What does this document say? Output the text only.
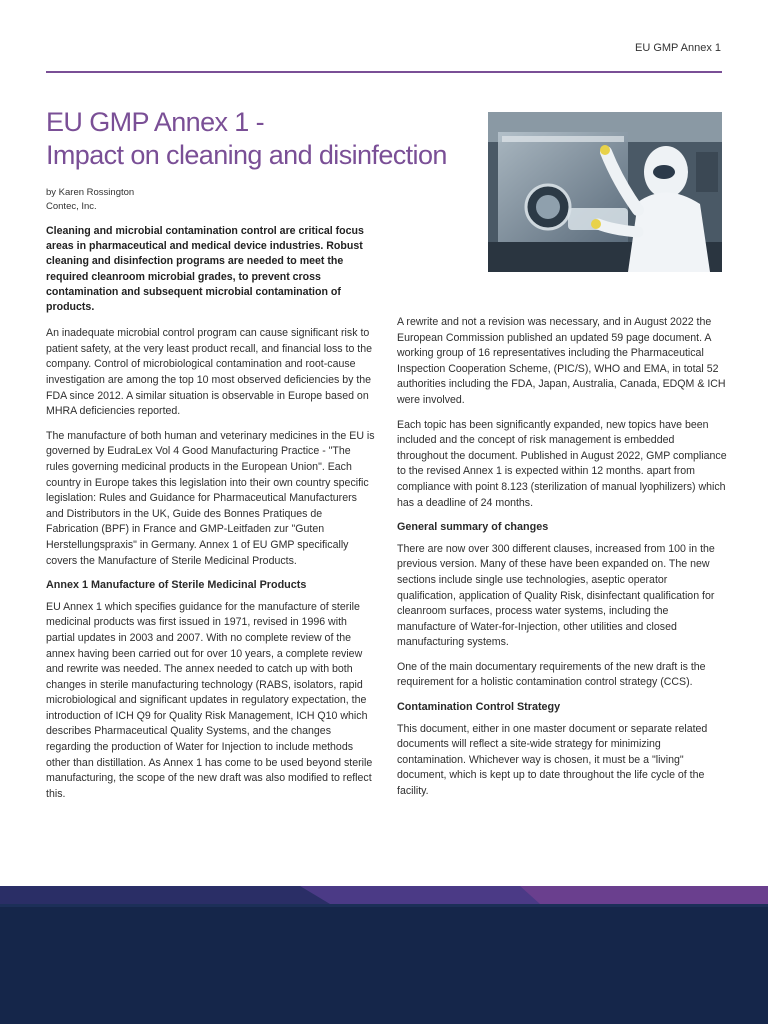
EU GMP Annex 1
EU GMP Annex 1 -
Impact on cleaning and disinfection
by Karen Rossington
Contec, Inc.

Cleaning and microbial contamination control are critical focus areas in pharmaceutical and medical device industries. Robust cleaning and disinfection programs are needed to meet the required cleanroom microbial grades, to prevent cross contamination and subsequent microbial contamination of products.

An inadequate microbial control program can cause significant risk to patient safety, at the very least product recall, and financial loss to the company. Control of microbiological contamination and root-cause investigation are among the top 10 most observed deficiencies by the FDA since 2012. A similar situation is observable in Europe based on MHRA deficiencies reported.

The manufacture of both human and veterinary medicines in the EU is governed by EudraLex Vol 4 Good Manufacturing Practice - "The rules governing medicinal products in the European Union". Each country in Europe takes this legislation into their own country specific legislation: Rules and Guidance for Pharmaceutical Manufacturers and Distributors in the UK, Guide des Bonnes Pratiques de Fabrication (BPF) in France and GMP-Leitfaden zur "Guten Herstellungspraxis" in Germany. Annex 1 of EU GMP specifically covers the Manufacture of Sterile Medicinal Products.

Annex 1 Manufacture of Sterile Medicinal Products

EU Annex 1 which specifies guidance for the manufacture of sterile medicinal products was first issued in 1971, revised in 1996 with partial updates in 2003 and 2007. With no complete review of the annex having been carried out for over 10 years, a complete review and rewrite was needed. The annex needed to catch up with both changes in sterile manufacturing technology (RABS, isolators, rapid microbiological and significant updates in regulatory expectation, the introduction of ICH Q9 for Quality Risk Management, ICH Q10 which describes Pharmaceutical Quality Systems, and the changes regarding the production of Water for Injection to include methods other than distillation. As Annex 1 has come to be used beyond sterile manufacturing, the scope of the new draft was also modified to reflect this.

A rewrite and not a revision was necessary, and in August 2022 the European Commission published an updated 59 page document. A working group of 16 representatives including the Pharmaceutical Inspection Cooperation Scheme, (PIC/S), WHO and EMA, in total 52 authorities including the FDA, Japan, Australia, Canada, EDQM & ICH were involved.

Each topic has been significantly expanded, new topics have been included and the concept of risk management is embedded throughout the document. Published in August 2022, GMP compliance to the revised Annex 1 is expected within 12 months. apart from compliance with point 8.123 (sterilization of manual lyophilizers) which has a deadline of 24 months.

General summary of changes

There are now over 300 different clauses, increased from 100 in the previous version. Many of these have been expanded on. The new sections include single use technologies, aseptic operator qualification, application of Quality Risk, disinfectant qualification for cleanroom surfaces, process water systems, including the manufacture of Water-for-Injection, other utilities and closed manufacturing systems.

One of the main documentary requirements of the new draft is the requirement for a holistic contamination control strategy (CCS).

Contamination Control Strategy

This document, either in one master document or separate related documents will reflect a site-wide strategy for minimizing contamination. Whichever way is chosen, it must be a "living" document, which is kept up to date throughout the life cycle of the facility.
